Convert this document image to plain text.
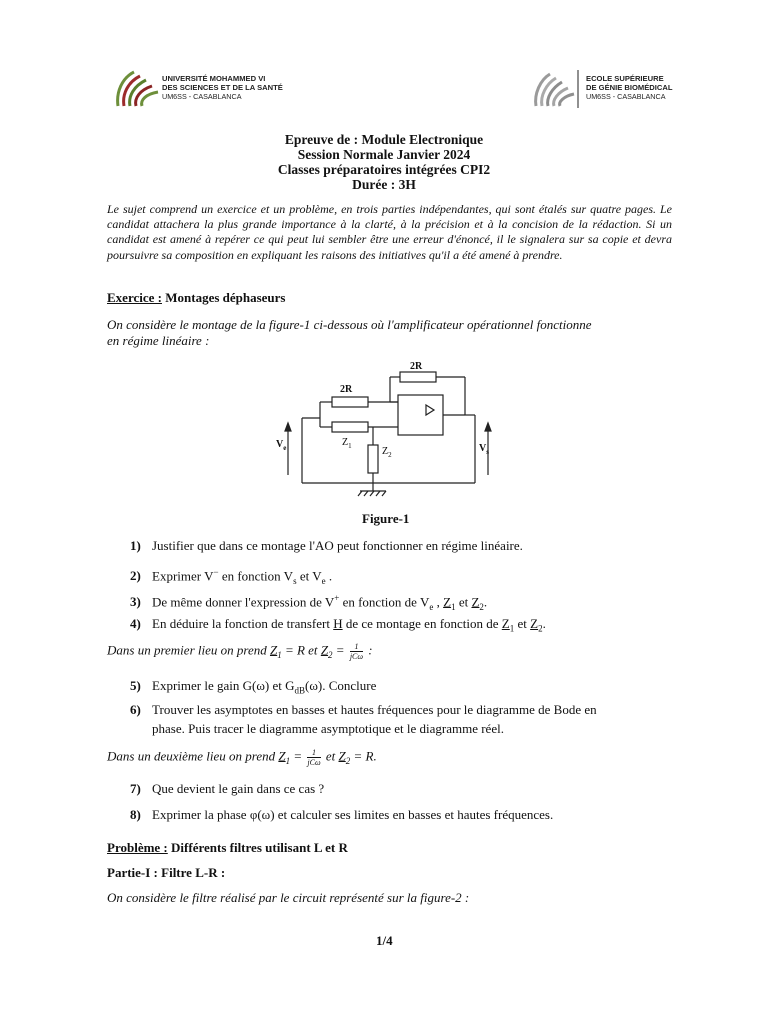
UNIVERSITÉ MOHAMMED VI
DES SCIENCES ET DE LA SANTÉ
UM6SS - CASABLANCA
ECOLE SUPÉRIEURE
DE GÉNIE BIOMÉDICAL
UM6SS - CASABLANCA
Epreuve de : Module Electronique
Session Normale Janvier 2024
Classes préparatoires intégrées CPI2
Durée : 3H
Le sujet comprend un exercice et un problème, en trois parties indépendantes, qui sont étalés sur quatre pages. Le candidat attachera la plus grande importance à la clarté, à la précision et à la concision de la rédaction. Si un candidat est amené à repérer ce qui peut lui sembler être une erreur d'énoncé, il le signalera sur sa copie et devra poursuivre sa composition en expliquant les raisons des initiatives qu'il a été amené à prendre.
Exercice : Montages déphaseurs
On considère le montage de la figure-1 ci-dessous où l'amplificateur opérationnel fonctionne
en régime linéaire :
2R
2R
$Z_1$	$Z_2$
$V_e$	$V_s$
Figure-1
1) Justifier que dans ce montage l'AO peut fonctionner en régime linéaire.
2) Exprimer V− en fonction $V_s$ et $V_e$ .
3) De même donner l'expression de V+ en fonction de $V_e$ , $Z_1$ et $Z_2$.
4) En déduire la fonction de transfert H de ce montage en fonction de $Z_1$ et $Z_2$.
Dans un premier lieu on prend $Z_1 = R$ et $Z_2 = \frac{1}{\text{jCω}}$ :
5) Exprimer le gain G(ω) et $G_{dB}(\omega)$. Conclure
6) Trouver les asymptotes en basses et hautes fréquences pour le diagramme de Bode en
phase. Puis tracer le diagramme asymptotique et le diagramme réel.
Dans un deuxième lieu on prend $Z_1 = \frac{1}{\text{jCω}}$ et $Z_2 = R$.
7) Que devient le gain dans ce cas ?
8) Exprimer la phase φ(ω) et calculer ses limites en basses et hautes fréquences.
Problème : Différents filtres utilisant L et R
Partie-I : Filtre L-R :
On considère le filtre réalisé par le circuit représenté sur la figure-2 :
1/4
